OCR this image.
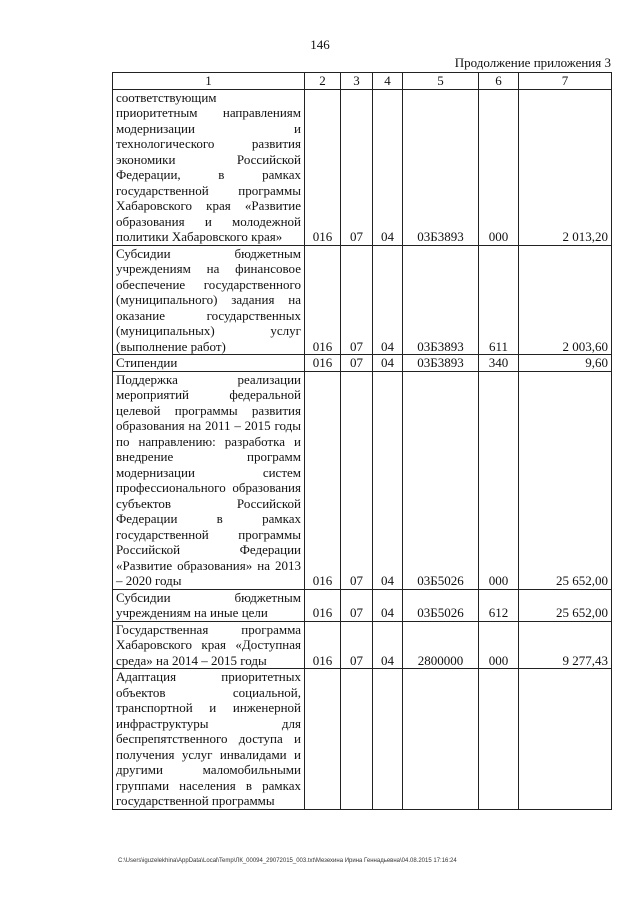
146
Продолжение приложения 3
1	2	3	4	5	6	7
соответствующим приоритетным направлениям модернизации и технологического развития экономики Российской Федерации, в рамках государственной программы Хабаровского края «Развитие образования и молодежной политики Хабаровского края»	016	07	04	03Б3893	000	2 013,20
Субсидии бюджетным учреждениям на финансовое обеспечение государственного (муниципального) задания на оказание государственных (муниципальных) услуг (выполнение работ)	016	07	04	03Б3893	611	2 003,60
Стипендии	016	07	04	03Б3893	340	9,60
Поддержка реализации мероприятий федеральной целевой программы развития образования на 2011 – 2015 годы по направлению: разработка и внедрение программ модернизации систем профессионального образования субъектов Российской Федерации в рамках государственной программы Российской Федерации «Развитие образования» на 2013 – 2020 годы	016	07	04	03Б5026	000	25 652,00
Субсидии бюджетным учреждениям на иные цели	016	07	04	03Б5026	612	25 652,00
Государственная программа Хабаровского края «Доступная среда» на 2014 – 2015 годы	016	07	04	2800000	000	9 277,43
Адаптация приоритетных объектов социальной, транспортной и инженерной инфраструктуры для беспрепятственного доступа и получения услуг инвалидами и другими маломобильными группами населения в рамках государственной программы						
C:\Users\iguzelekhina\AppData\Local\Temp\ЛК_00094_29072015_003.txt\Мезехина Ирина Геннадьевна\04.08.2015 17:16:24
